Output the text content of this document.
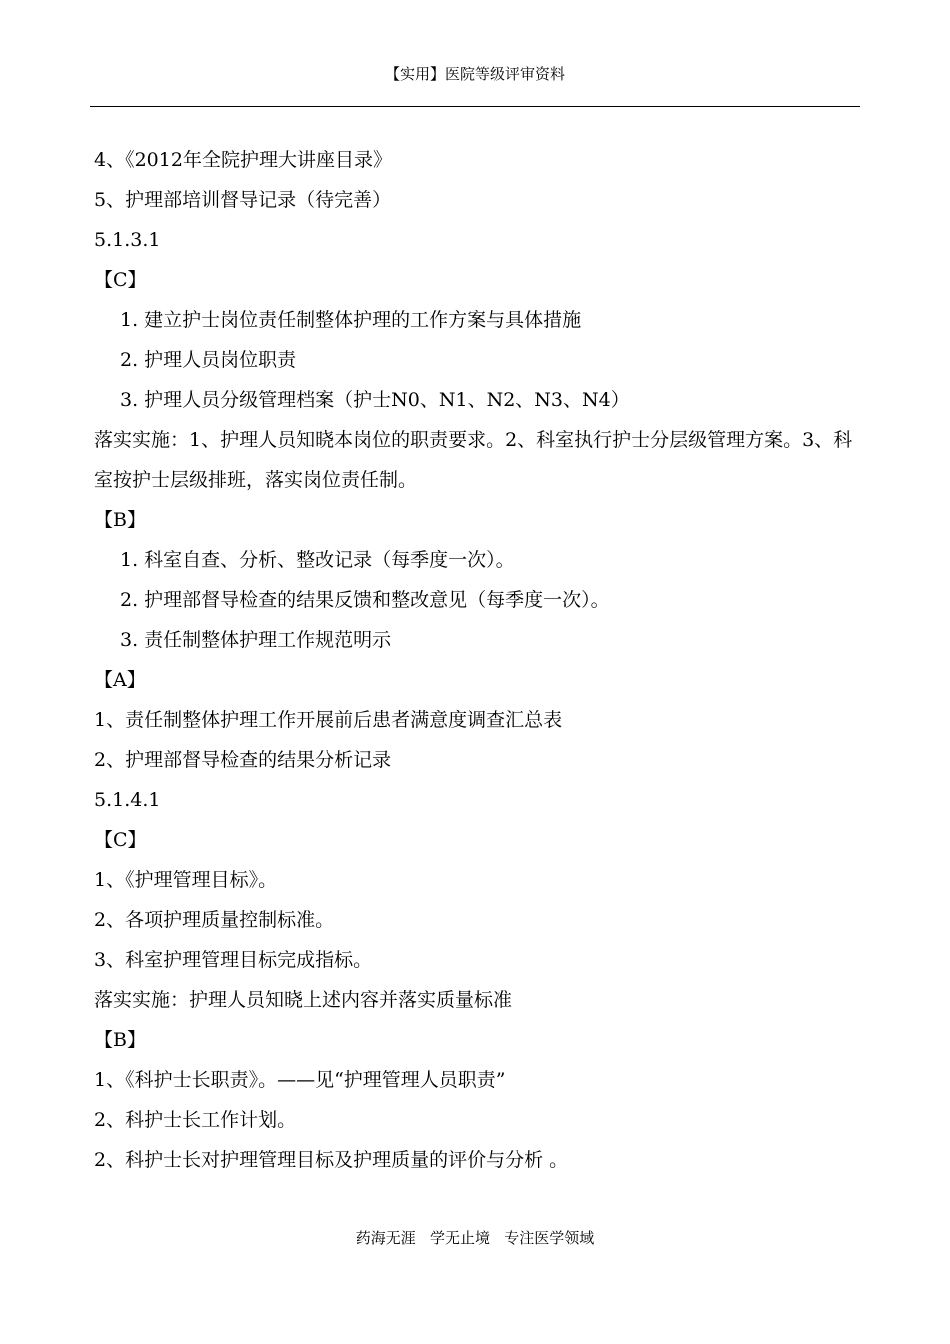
【实用】医院等级评审资料
4、《2012年全院护理大讲座目录》
5、护理部培训督导记录（待完善）
5.1.3.1
【C】
1. 建立护士岗位责任制整体护理的工作方案与具体措施
2. 护理人员岗位职责
3. 护理人员分级管理档案（护士N0、N1、N2、N3、N4）
落实实施：1、护理人员知晓本岗位的职责要求。2、科室执行护士分层级管理方案。3、科室按护士层级排班，落实岗位责任制。
【B】
1. 科室自查、分析、整改记录（每季度一次）。
2. 护理部督导检查的结果反馈和整改意见（每季度一次）。
3. 责任制整体护理工作规范明示
【A】
1、责任制整体护理工作开展前后患者满意度调查汇总表
2、护理部督导检查的结果分析记录
5.1.4.1
【C】
1、《护理管理目标》。
2、各项护理质量控制标准。
3、科室护理管理目标完成指标。
落实实施：护理人员知晓上述内容并落实质量标准
【B】
1、《科护士长职责》。——见“护理管理人员职责”
2、科护士长工作计划。
2、科护士长对护理管理目标及护理质量的评价与分析 。
药海无涯   学无止境   专注医学领域
